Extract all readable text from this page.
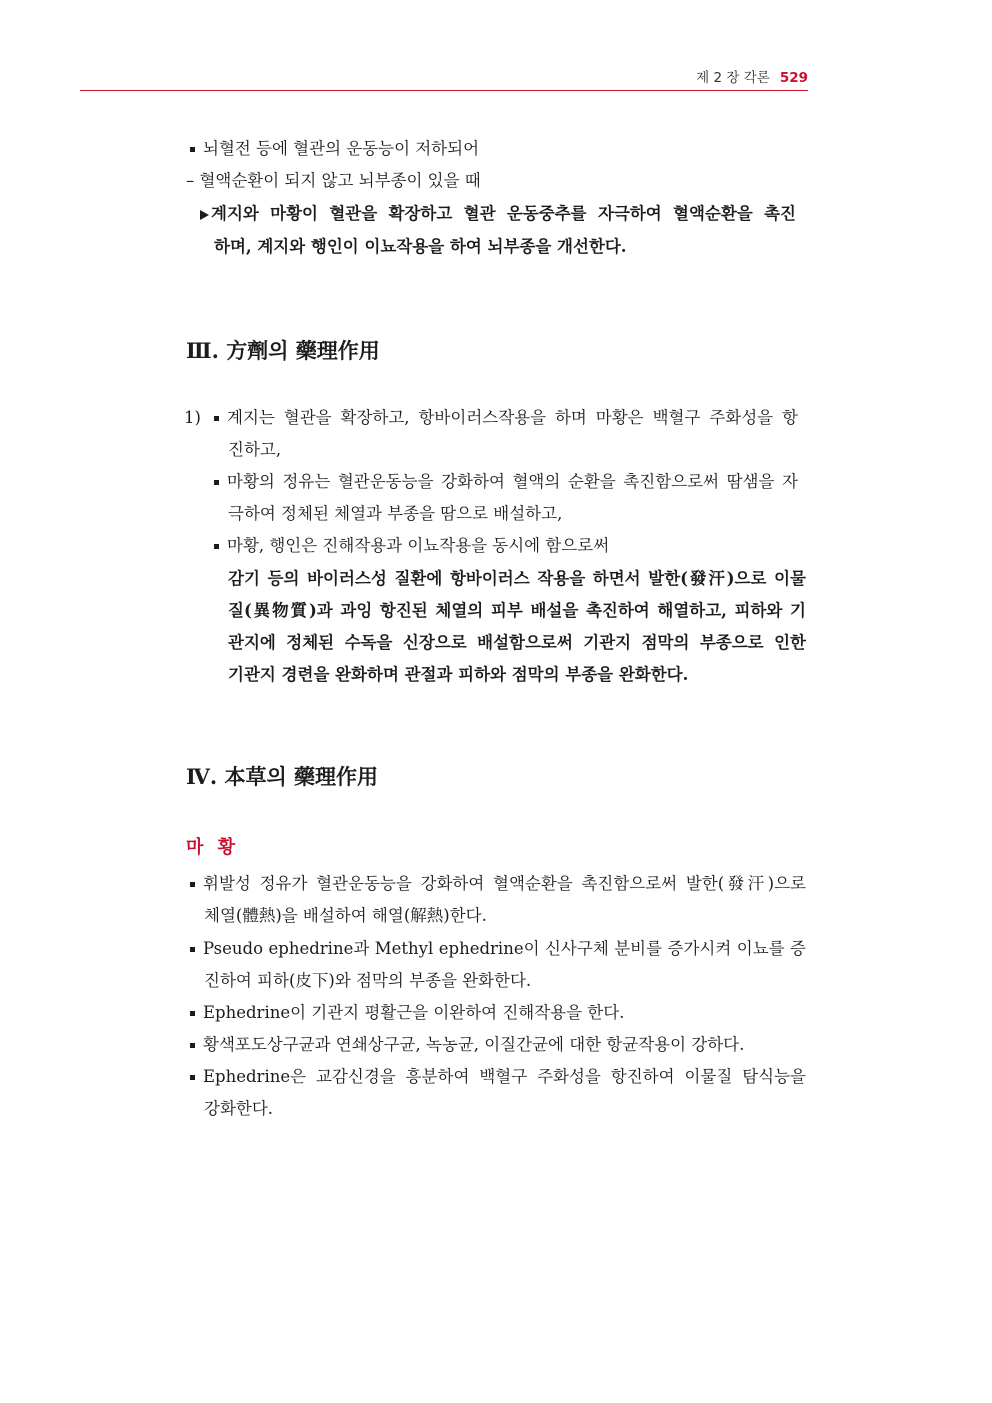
제 2 장 각론 529
뇌혈전 등에 혈관의 운동능이 저하되어
– 혈액순환이 되지 않고 뇌부종이 있을 때
계지와 마황이 혈관을 확장하고 혈관 운동중추를 자극하여 혈액순환을 촉진
하며, 계지와 행인이 이뇨작용을 하여 뇌부종을 개선한다.
Ⅲ. 方劑의 藥理作用
1)	계지는 혈관을 확장하고, 항바이러스작용을 하며 마황은 백혈구 주화성을 항
진하고,
마황의 정유는 혈관운동능을 강화하여 혈액의 순환을 촉진함으로써 땀샘을 자
극하여 정체된 체열과 부종을 땀으로 배설하고,
마황, 행인은 진해작용과 이뇨작용을 동시에 함으로써
감기 등의 바이러스성 질환에 항바이러스 작용을 하면서 발한(發汗)으로 이물
질(異物質)과 과잉 항진된 체열의 피부 배설을 촉진하여 해열하고, 피하와 기
관지에 정체된 수독을 신장으로 배설함으로써 기관지 점막의 부종으로 인한
기관지 경련을 완화하며 관절과 피하와 점막의 부종을 완화한다.
Ⅳ. 本草의 藥理作用
마 황
휘발성 정유가 혈관운동능을 강화하여 혈액순환을 촉진함으로써 발한(發汗)으로
체열(體熱)을 배설하여 해열(解熱)한다.
Pseudo ephedrine과 Methyl ephedrine이 신사구체 분비를 증가시켜 이뇨를 증
진하여 피하(皮下)와 점막의 부종을 완화한다.
Ephedrine이 기관지 평활근을 이완하여 진해작용을 한다.
황색포도상구균과 연쇄상구균, 녹농균, 이질간균에 대한 항균작용이 강하다.
Ephedrine은 교감신경을 흥분하여 백혈구 주화성을 항진하여 이물질 탐식능을
강화한다.
